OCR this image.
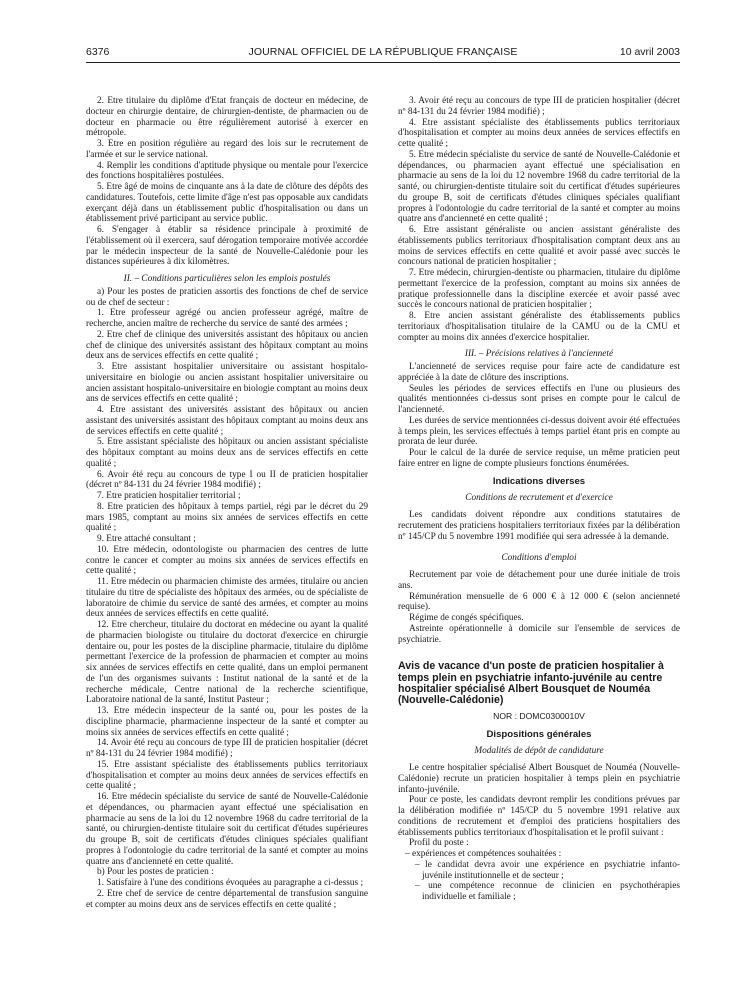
6376	JOURNAL OFFICIEL DE LA RÉPUBLIQUE FRANÇAISE	10 avril 2003

2. Etre titulaire du diplôme d'Etat français de docteur en médecine, de docteur en chirurgie dentaire, de chirurgien-dentiste, de pharmacien ou de docteur en pharmacie ou être régulièrement autorisé à exercer en métropole.

3. Etre en position régulière au regard des lois sur le recrutement de l'armée et sur le service national.

4. Remplir les conditions d'aptitude physique ou mentale pour l'exercice des fonctions hospitalières postulées.

5. Etre âgé de moins de cinquante ans à la date de clôture des dépôts des candidatures. Toutefois, cette limite d'âge n'est pas opposable aux candidats exerçant déjà dans un établissement public d'hospitalisation ou dans un établissement privé participant au service public.

6. S'engager à établir sa résidence principale à proximité de l'établissement où il exercera, sauf dérogation temporaire motivée accordée par le médecin inspecteur de la santé de Nouvelle-Calédonie pour les distances supérieures à dix kilomètres.

II. – Conditions particulières selon les emplois postulés

a) Pour les postes de praticien assortis des fonctions de chef de service ou de chef de secteur :

1. Etre professeur agrégé ou ancien professeur agrégé, maître de recherche, ancien maître de recherche du service de santé des armées ;

2. Etre chef de clinique des universités assistant des hôpitaux ou ancien chef de clinique des universités assistant des hôpitaux comptant au moins deux ans de services effectifs en cette qualité ;

3. Etre assistant hospitalier universitaire ou assistant hospitalo-universitaire en biologie ou ancien assistant hospitalier universitaire ou ancien assistant hospitalo-universitaire en biologie comptant au moins deux ans de services effectifs en cette qualité ;

4. Etre assistant des universités assistant des hôpitaux ou ancien assistant des universités assistant des hôpitaux comptant au moins deux ans de services effectifs en cette qualité ;

5. Etre assistant spécialiste des hôpitaux ou ancien assistant spécialiste des hôpitaux comptant au moins deux ans de services effectifs en cette qualité ;

6. Avoir été reçu au concours de type I ou II de praticien hospitalier (décret nº 84-131 du 24 février 1984 modifié) ;

7. Etre praticien hospitalier territorial ;

8. Etre praticien des hôpitaux à temps partiel, régi par le décret du 29 mars 1985, comptant au moins six années de services effectifs en cette qualité ;

9. Etre attaché consultant ;

10. Etre médecin, odontologiste ou pharmacien des centres de lutte contre le cancer et compter au moins six années de services effectifs en cette qualité ;

11. Etre médecin ou pharmacien chimiste des armées, titulaire ou ancien titulaire du titre de spécialiste des hôpitaux des armées, ou de spécialiste de laboratoire de chimie du service de santé des armées, et compter au moins deux années de services effectifs en cette qualité.

12. Etre chercheur, titulaire du doctorat en médecine ou ayant la qualité de pharmacien biologiste ou titulaire du doctorat d'exercice en chirurgie dentaire ou, pour les postes de la discipline pharmacie, titulaire du diplôme permettant l'exercice de la profession de pharmacien et compter au moins six années de services effectifs en cette qualité, dans un emploi permanent de l'un des organismes suivants : Institut national de la santé et de la recherche médicale, Centre national de la recherche scientifique, Laboratoire national de la santé, Institut Pasteur ;

13. Etre médecin inspecteur de la santé ou, pour les postes de la discipline pharmacie, pharmacienne inspecteur de la santé et compter au moins six années de services effectifs en cette qualité ;

14. Avoir été reçu au concours de type III de praticien hospitalier (décret nº 84-131 du 24 février 1984 modifié) ;

15. Etre assistant spécialiste des établissements publics territoriaux d'hospitalisation et compter au moins deux années de services effectifs en cette qualité ;

16. Etre médecin spécialiste du service de santé de Nouvelle-Calédonie et dépendances, ou pharmacien ayant effectué une spécialisation en pharmacie au sens de la loi du 12 novembre 1968 du cadre territorial de la santé, ou chirurgien-dentiste titulaire soit du certificat d'études supérieures du groupe B, soit de certificats d'études cliniques spéciales qualifiant propres à l'odontologie du cadre territorial de la santé et compter au moins quatre ans d'ancienneté en cette qualité.

b) Pour les postes de praticien :

1. Satisfaire à l'une des conditions évoquées au paragraphe a ci-dessus ;

2. Etre chef de service de centre départemental de transfusion sanguine et compter au moins deux ans de services effectifs en cette qualité ;

3. Avoir été reçu au concours de type III de praticien hospitalier (décret nº 84-131 du 24 février 1984 modifié) ;

4. Etre assistant spécialiste des établissements publics territoriaux d'hospitalisation et compter au moins deux années de services effectifs en cette qualité ;

5. Etre médecin spécialiste du service de santé de Nouvelle-Calédonie et dépendances, ou pharmacien ayant effectué une spécialisation en pharmacie au sens de la loi du 12 novembre 1968 du cadre territorial de la santé, ou chirurgien-dentiste titulaire soit du certificat d'études supérieures du groupe B, soit de certificats d'études cliniques spéciales qualifiant propres à l'odontologie du cadre territorial de la santé et compter au moins quatre ans d'ancienneté en cette qualité ;

6. Etre assistant généraliste ou ancien assistant généraliste des établissements publics territoriaux d'hospitalisation comptant deux ans au moins de services effectifs en cette qualité et avoir passé avec succès le concours national de praticien hospitalier ;

7. Etre médecin, chirurgien-dentiste ou pharmacien, titulaire du diplôme permettant l'exercice de la profession, comptant au moins six années de pratique professionnelle dans la discipline exercée et avoir passé avec succès le concours national de praticien hospitalier ;

8. Etre ancien assistant généraliste des établissements publics territoriaux d'hospitalisation titulaire de la CAMU ou de la CMU et compter au moins dix années d'exercice hospitalier.

III. – Précisions relatives à l'ancienneté

L'ancienneté de services requise pour faire acte de candidature est appréciée à la date de clôture des inscriptions.

Seules les périodes de services effectifs en l'une ou plusieurs des qualités mentionnées ci-dessus sont prises en compte pour le calcul de l'ancienneté.

Les durées de service mentionnées ci-dessus doivent avoir été effectuées à temps plein, les services effectués à temps partiel étant pris en compte au prorata de leur durée.

Pour le calcul de la durée de service requise, un même praticien peut faire entrer en ligne de compte plusieurs fonctions énumérées.

Indications diverses

Conditions de recrutement et d'exercice

Les candidats doivent répondre aux conditions statutaires de recrutement des praticiens hospitaliers territoriaux fixées par la délibération nº 145/CP du 5 novembre 1991 modifiée qui sera adressée à la demande.

Conditions d'emploi

Recrutement par voie de détachement pour une durée initiale de trois ans.

Rémunération mensuelle de 6 000 € à 12 000 € (selon ancienneté requise).

Régime de congés spécifiques.

Astreinte opérationnelle à domicile sur l'ensemble de services de psychiatrie.

Avis de vacance d'un poste de praticien hospitalier à temps plein en psychiatrie infanto-juvénile au centre hospitalier spécialisé Albert Bousquet de Nouméa (Nouvelle-Calédonie)

NOR : DOMC0300010V

Dispositions générales

Modalités de dépôt de candidature

Le centre hospitalier spécialisé Albert Bousquet de Nouméa (Nouvelle-Calédonie) recrute un praticien hospitalier à temps plein en psychiatrie infanto-juvénile.

Pour ce poste, les candidats devront remplir les conditions prévues par la délibération modifiée nº 145/CP du 5 novembre 1991 relative aux conditions de recrutement et d'emploi des praticiens hospitaliers des établissements publics territoriaux d'hospitalisation et le profil suivant :

Profil du poste :

– expériences et compétences souhaitées :

– le candidat devra avoir une expérience en psychiatrie infanto-juvénile institutionnelle et de secteur ;

– une compétence reconnue de clinicien en psychothérapies individuelle et familiale ;
